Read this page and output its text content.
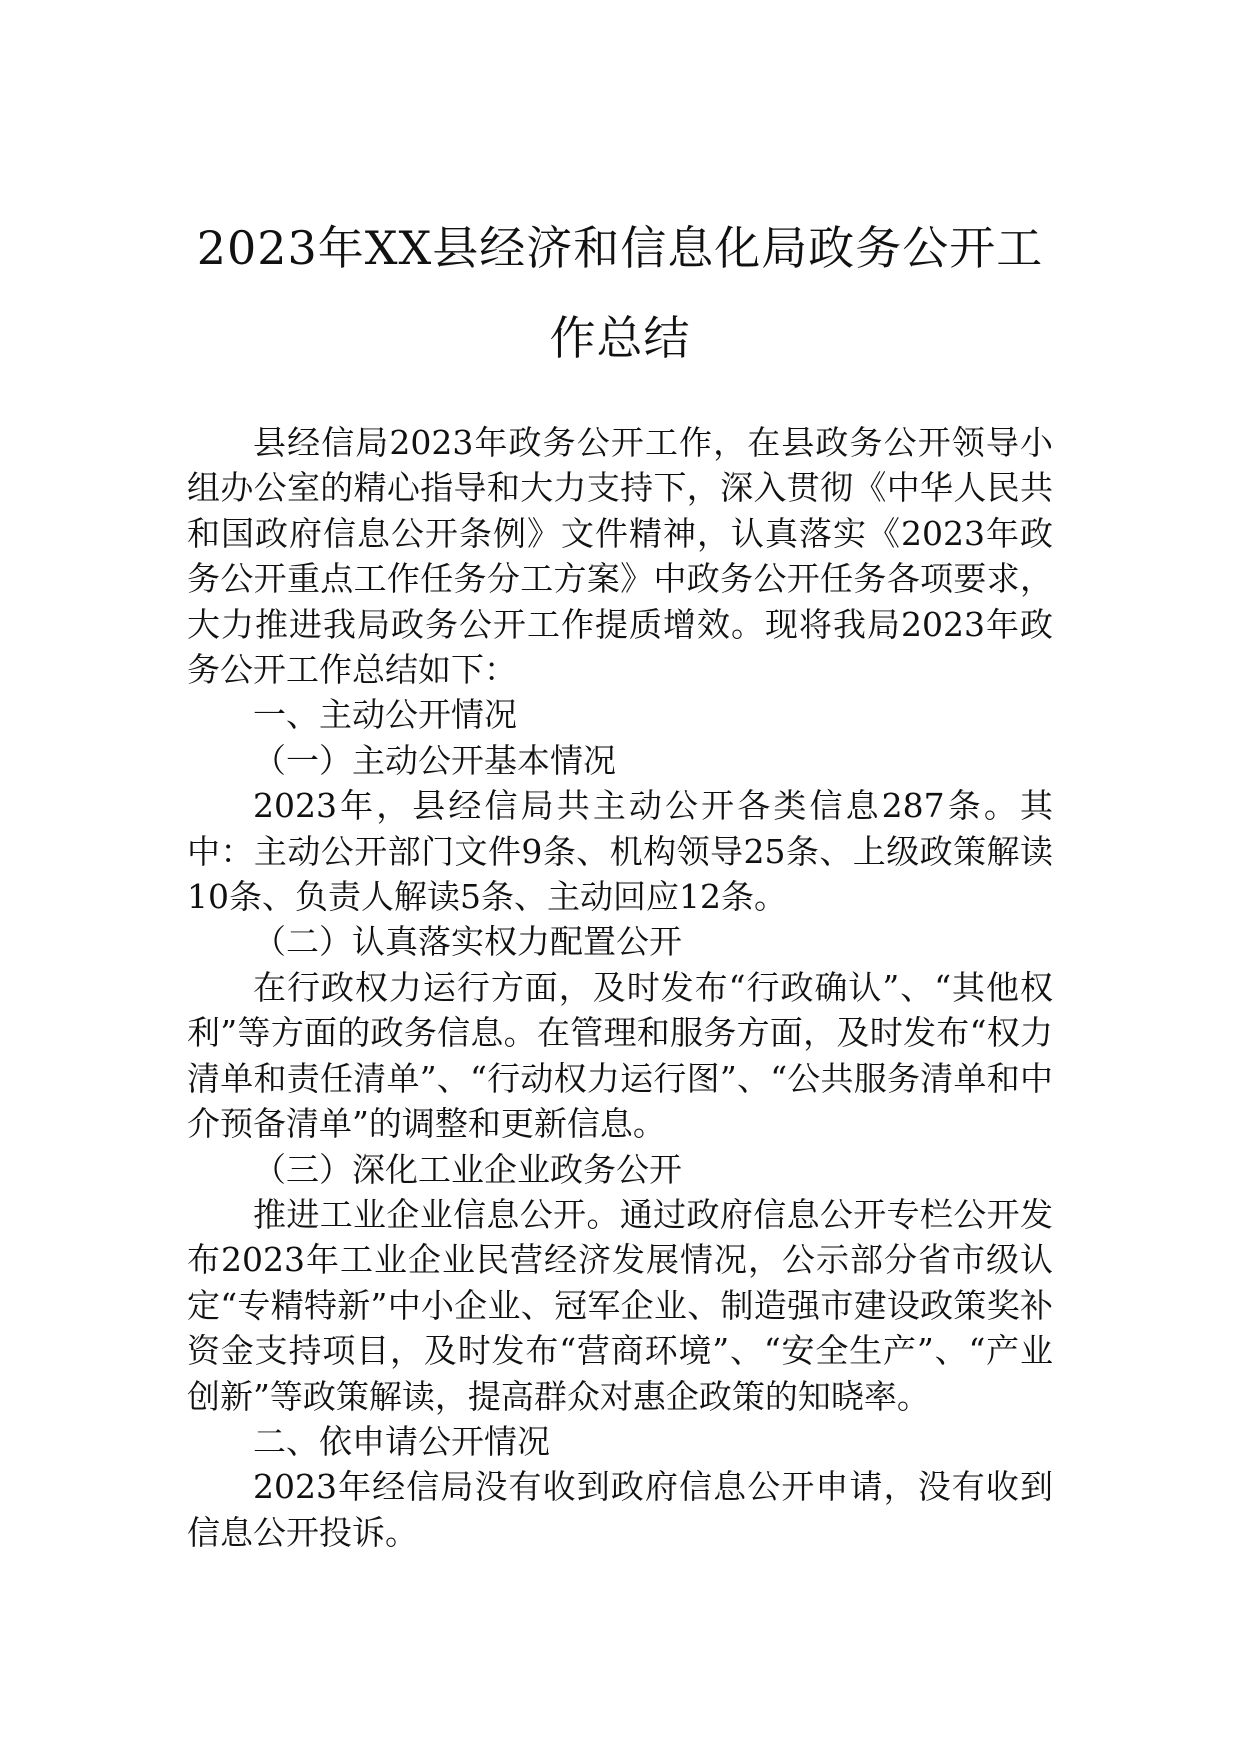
2023年XX县经济和信息化局政务公开工作总结

县经信局2023年政务公开工作，在县政务公开领导小组办公室的精心指导和大力支持下，深入贯彻《中华人民共和国政府信息公开条例》文件精神，认真落实《2023年政务公开重点工作任务分工方案》中政务公开任务各项要求，大力推进我局政务公开工作提质增效。现将我局2023年政务公开工作总结如下：

一、主动公开情况

（一）主动公开基本情况

2023年，县经信局共主动公开各类信息287条。其中：主动公开部门文件9条、机构领导25条、上级政策解读10条、负责人解读5条、主动回应12条。

（二）认真落实权力配置公开

在行政权力运行方面，及时发布“行政确认”、“其他权利”等方面的政务信息。在管理和服务方面，及时发布“权力清单和责任清单”、“行动权力运行图”、“公共服务清单和中介预备清单”的调整和更新信息。

（三）深化工业企业政务公开

推进工业企业信息公开。通过政府信息公开专栏公开发布2023年工业企业民营经济发展情况，公示部分省市级认定“专精特新”中小企业、冠军企业、制造强市建设政策奖补资金支持项目，及时发布“营商环境”、“安全生产”、“产业创新”等政策解读，提高群众对惠企政策的知晓率。

二、依申请公开情况

2023年经信局没有收到政府信息公开申请，没有收到信息公开投诉。
